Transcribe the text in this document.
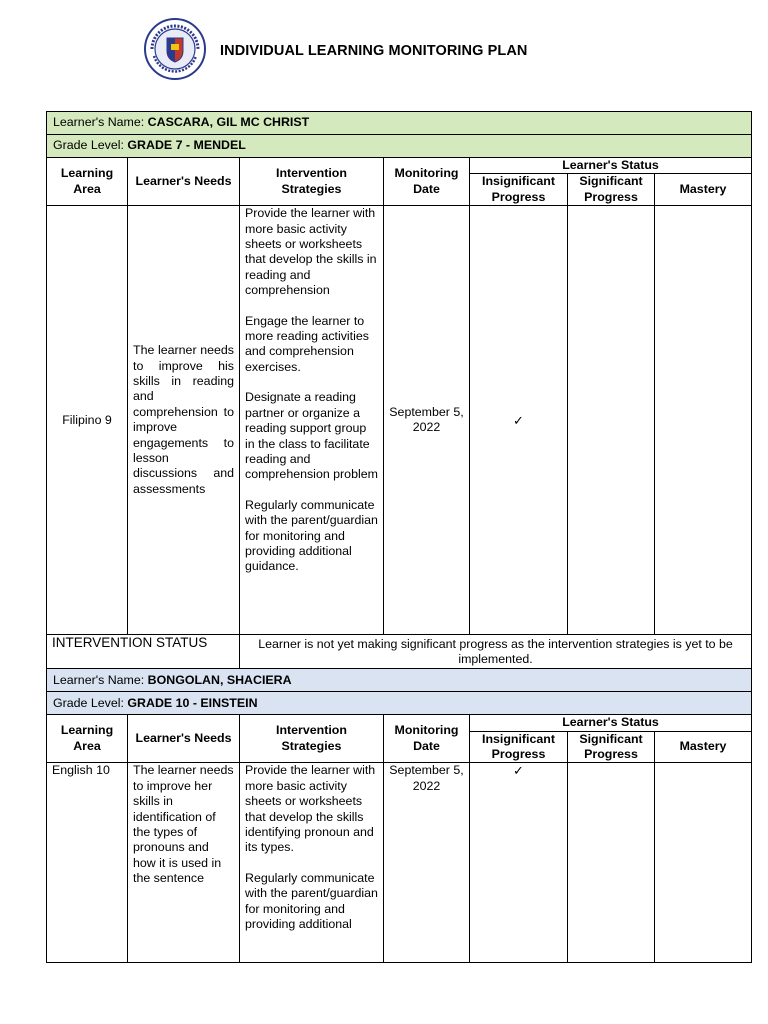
INDIVIDUAL LEARNING MONITORING PLAN
Learner's Name: CASCARA, GIL MC CHRIST						
Grade Level: GRADE 7 - MENDEL						
Learning Area	Learner's Needs	Intervention Strategies	Monitoring Date	Learner's Status		
				Insignificant Progress	Significant Progress	Mastery
Filipino 9	The learner needs to improve his skills in reading and comprehension to improve engagements to lesson discussions and assessments	Provide the learner with more basic activity sheets or worksheets that develop the skills in reading and comprehension

Engage the learner to more reading activities and comprehension exercises.

Designate a reading partner or organize a reading support group in the class to facilitate reading and comprehension problem

Regularly communicate with the parent/guardian for monitoring and providing additional guidance.	September 5, 2022	✓		
INTERVENTION STATUS		Learner is not yet making significant progress as the intervention strategies is yet to be implemented.				
Learner's Name: BONGOLAN, SHACIERA						
Grade Level: GRADE 10 - EINSTEIN						
Learning Area	Learner's Needs	Intervention Strategies	Monitoring Date	Learner's Status		
				Insignificant Progress	Significant Progress	Mastery
English 10	The learner needs to improve her skills in identification of the types of pronouns and how it is used in the sentence	Provide the learner with more basic activity sheets or worksheets that develop the skills identifying pronoun and its types.

Regularly communicate with the parent/guardian for monitoring and providing additional	September 5, 2022	✓		
